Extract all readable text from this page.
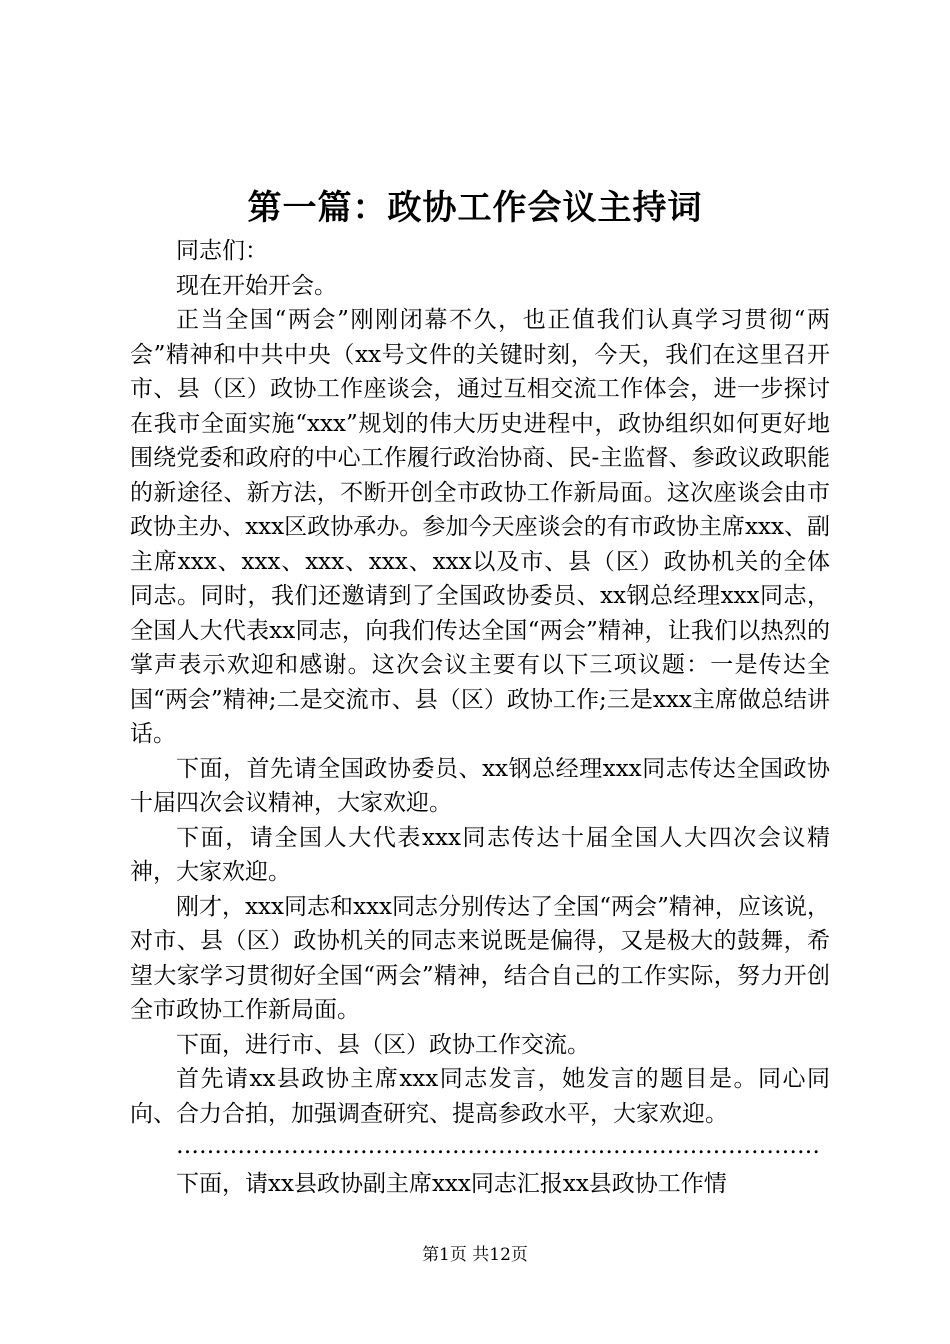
第一篇：政协工作会议主持词

同志们：

现在开始开会。

正当全国“两会”刚刚闭幕不久，也正值我们认真学习贯彻“两会”精神和中共中央（xx号文件的关键时刻，今天，我们在这里召开市、县（区）政协工作座谈会，通过互相交流工作体会，进一步探讨在我市全面实施“xxx”规划的伟大历史进程中，政协组织如何更好地围绕党委和政府的中心工作履行政治协商、民-主监督、参政议政职能的新途径、新方法，不断开创全市政协工作新局面。这次座谈会由市政协主办、xxx区政协承办。参加今天座谈会的有市政协主席xxx、副主席xxx、xxx、xxx、xxx、xxx以及市、县（区）政协机关的全体同志。同时，我们还邀请到了全国政协委员、xx钢总经理xxx同志，全国人大代表xx同志，向我们传达全国“两会”精神，让我们以热烈的掌声表示欢迎和感谢。这次会议主要有以下三项议题：一是传达全国“两会”精神;二是交流市、县（区）政协工作;三是xxx主席做总结讲话。

下面，首先请全国政协委员、xx钢总经理xxx同志传达全国政协十届四次会议精神，大家欢迎。

下面，请全国人大代表xxx同志传达十届全国人大四次会议精神，大家欢迎。

刚才，xxx同志和xxx同志分别传达了全国“两会”精神，应该说，对市、县（区）政协机关的同志来说既是偏得，又是极大的鼓舞，希望大家学习贯彻好全国“两会”精神，结合自己的工作实际，努力开创全市政协工作新局面。

下面，进行市、县（区）政协工作交流。

首先请xx县政协主席xxx同志发言，她发言的题目是。同心同向、合力合拍，加强调查研究、提高参政水平，大家欢迎。

…………………………………………………………………………

下面，请xx县政协副主席xxx同志汇报xx县政协工作情

第1页 共12页
